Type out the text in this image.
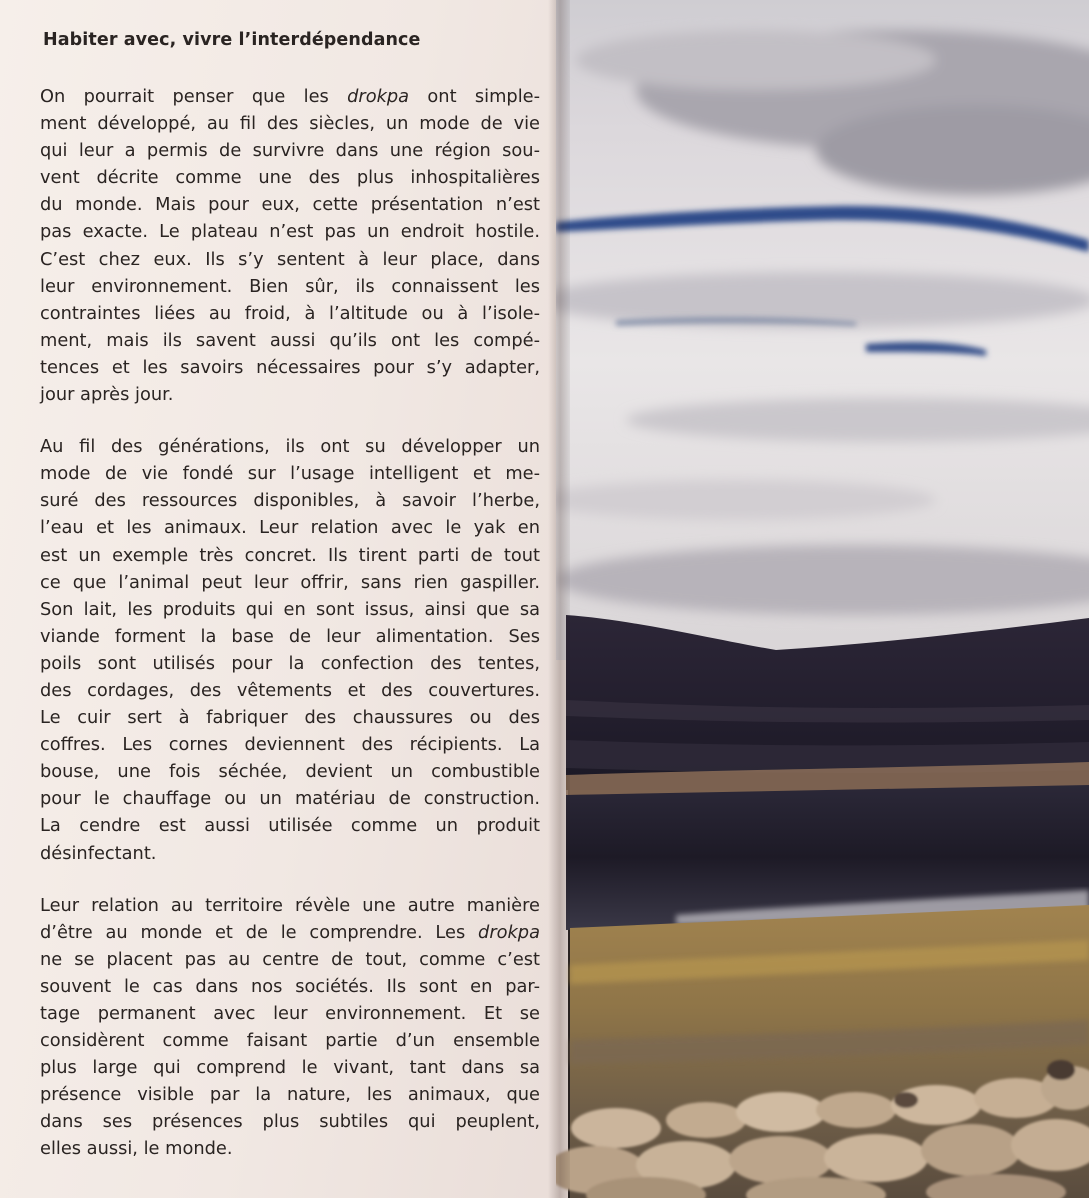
Habiter avec, vivre l’interdépendance
On pourrait penser que les drokpa ont simple-
ment développé, au fil des siècles, un mode de vie
qui leur a permis de survivre dans une région sou-
vent décrite comme une des plus inhospitalières
du monde. Mais pour eux, cette présentation n’est
pas exacte. Le plateau n’est pas un endroit hostile.
C’est chez eux. Ils s’y sentent à leur place, dans
leur environnement. Bien sûr, ils connaissent les
contraintes liées au froid, à l’altitude ou à l’isole-
ment, mais ils savent aussi qu’ils ont les compé-
tences et les savoirs nécessaires pour s’y adapter,
jour après jour.
Au fil des générations, ils ont su développer un
mode de vie fondé sur l’usage intelligent et me-
suré des ressources disponibles, à savoir l’herbe,
l’eau et les animaux. Leur relation avec le yak en
est un exemple très concret. Ils tirent parti de tout
ce que l’animal peut leur offrir, sans rien gaspiller.
Son lait, les produits qui en sont issus, ainsi que sa
viande forment la base de leur alimentation. Ses
poils sont utilisés pour la confection des tentes,
des cordages, des vêtements et des couvertures.
Le cuir sert à fabriquer des chaussures ou des
coffres. Les cornes deviennent des récipients. La
bouse, une fois séchée, devient un combustible
pour le chauffage ou un matériau de construction.
La cendre est aussi utilisée comme un produit
désinfectant.
Leur relation au territoire révèle une autre manière
d’être au monde et de le comprendre. Les drokpa
ne se placent pas au centre de tout, comme c’est
souvent le cas dans nos sociétés. Ils sont en par-
tage permanent avec leur environnement. Et se
considèrent comme faisant partie d’un ensemble
plus large qui comprend le vivant, tant dans sa
présence visible par la nature, les animaux, que
dans ses présences plus subtiles qui peuplent,
elles aussi, le monde.
